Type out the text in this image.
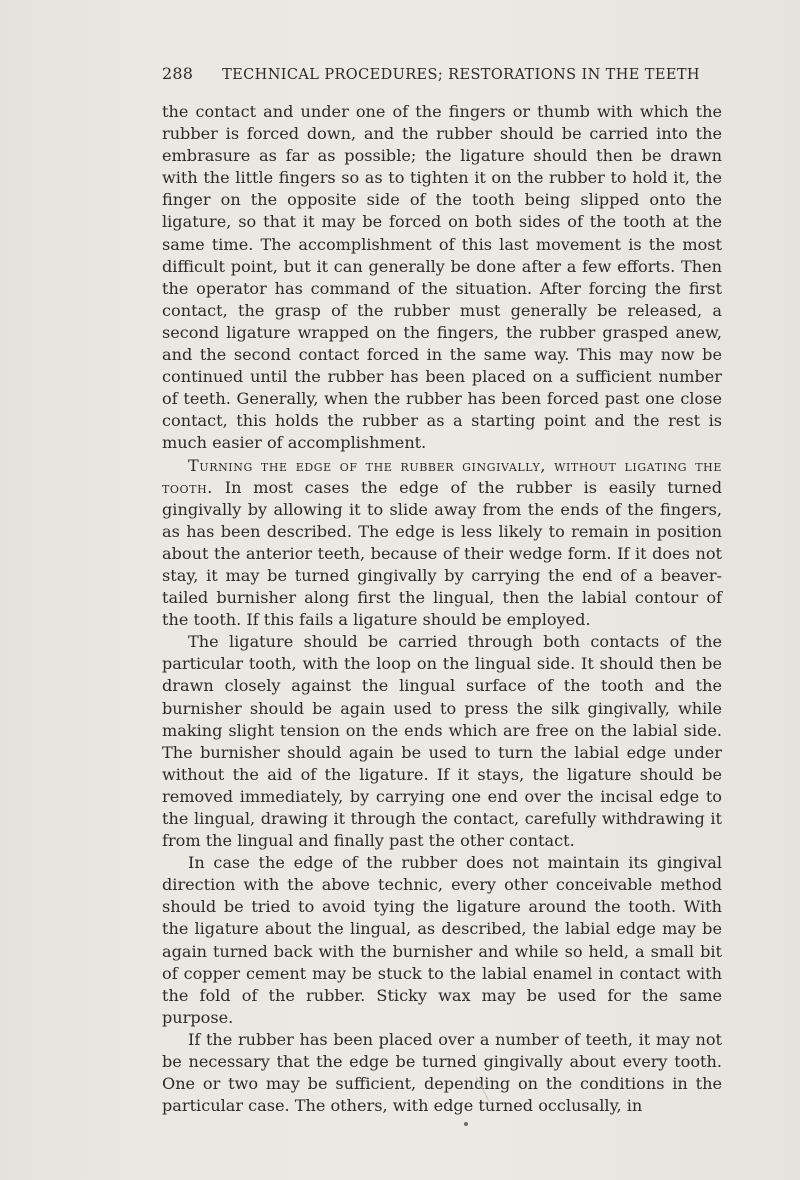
288 TECHNICAL PROCEDURES; RESTORATIONS IN THE TEETH

the contact and under one of the fingers or thumb with which the rubber is forced down, and the rubber should be carried into the embrasure as far as possible; the ligature should then be drawn with the little fingers so as to tighten it on the rubber to hold it, the finger on the opposite side of the tooth being slipped onto the ligature, so that it may be forced on both sides of the tooth at the same time. The accomplishment of this last movement is the most difficult point, but it can generally be done after a few efforts. Then the operator has command of the situation. After forcing the first contact, the grasp of the rubber must generally be released, a second ligature wrapped on the fingers, the rubber grasped anew, and the second contact forced in the same way. This may now be continued until the rubber has been placed on a sufficient number of teeth. Generally, when the rubber has been forced past one close contact, this holds the rubber as a starting point and the rest is much easier of accomplishment.

Turning the edge of the rubber gingivally, without ligating the tooth. In most cases the edge of the rubber is easily turned gingivally by allowing it to slide away from the ends of the fingers, as has been described. The edge is less likely to remain in position about the anterior teeth, because of their wedge form. If it does not stay, it may be turned gingivally by carrying the end of a beaver-tailed burnisher along first the lingual, then the labial contour of the tooth. If this fails a ligature should be employed.

The ligature should be carried through both contacts of the particular tooth, with the loop on the lingual side. It should then be drawn closely against the lingual surface of the tooth and the burnisher should be again used to press the silk gingivally, while making slight tension on the ends which are free on the labial side. The burnisher should again be used to turn the labial edge under without the aid of the ligature. If it stays, the ligature should be removed immediately, by carrying one end over the incisal edge to the lingual, drawing it through the contact, carefully withdrawing it from the lingual and finally past the other contact.

In case the edge of the rubber does not maintain its gingival direction with the above technic, every other conceivable method should be tried to avoid tying the ligature around the tooth. With the ligature about the lingual, as described, the labial edge may be again turned back with the burnisher and while so held, a small bit of copper cement may be stuck to the labial enamel in contact with the fold of the rubber. Sticky wax may be used for the same purpose.

If the rubber has been placed over a number of teeth, it may not be necessary that the edge be turned gingivally about every tooth. One or two may be sufficient, depending on the conditions in the particular case. The others, with edge turned occlusally, in
